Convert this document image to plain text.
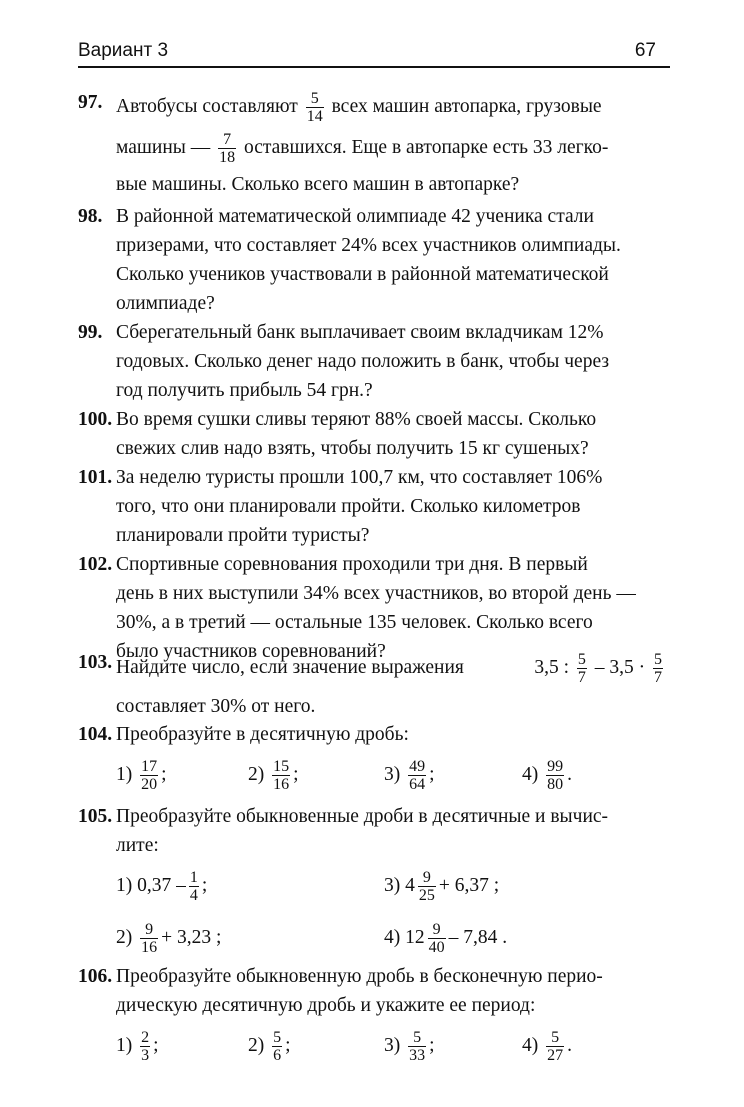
Вариант 3	67
97. Автобусы составляют $\frac{5}{14}$ всех машин автопарка, грузовые
машины — $\frac{7}{18}$ оставшихся. Еще в автопарке есть 33 легко-
вые машины. Сколько всего машин в автопарке?
98. В районной математической олимпиаде 42 ученика стали
призерами, что составляет 24% всех участников олимпиады.
Сколько учеников участвовали в районной математической
олимпиаде?
99. Сберегательный банк выплачивает своим вкладчикам 12%
годовых. Сколько денег надо положить в банк, чтобы через
год получить прибыль 54 грн.?
100. Во время сушки сливы теряют 88% своей массы. Сколько
свежих слив надо взять, чтобы получить 15 кг сушеных?
101. За неделю туристы прошли 100,7 км, что составляет 106%
того, что они планировали пройти. Сколько километров
планировали пройти туристы?
102. Спортивные соревнования проходили три дня. В первый
день в них выступили 34% всех участников, во второй день —
30%, а в третий — остальные 135 человек. Сколько всего
было участников соревнований?
103. Найдите число, если значение выражения	3,5 : $\frac{5}{7} - 3,5 \cdot \frac{5}{7}$
составляет 30% от него.
104. Преобразуйте в десятичную дробь:
$1) \frac{17}{20}$ ;	$2) \frac{15}{16}$ ;	$3) \frac{49}{64}$ ;	$4) \frac{99}{80}$ .
105. Преобразуйте обыкновенные дроби в десятичные и вычис-
лите:
1) $0,37 - \frac{1}{4}$ ;	3) $4 \frac{9}{25} + 6,37$ ;
$2) \frac{9}{16} + 3,23$ ;	4) $12 \frac{9}{40} - 7,84$ .
106. Преобразуйте обыкновенную дробь в бесконечную перио-
дическую десятичную дробь и укажите ее период:
$1) \frac{2}{3}$ ;	$2) \frac{5}{6}$ ;	$3) \frac{5}{33}$ ;	$4) \frac{5}{27}$ .
